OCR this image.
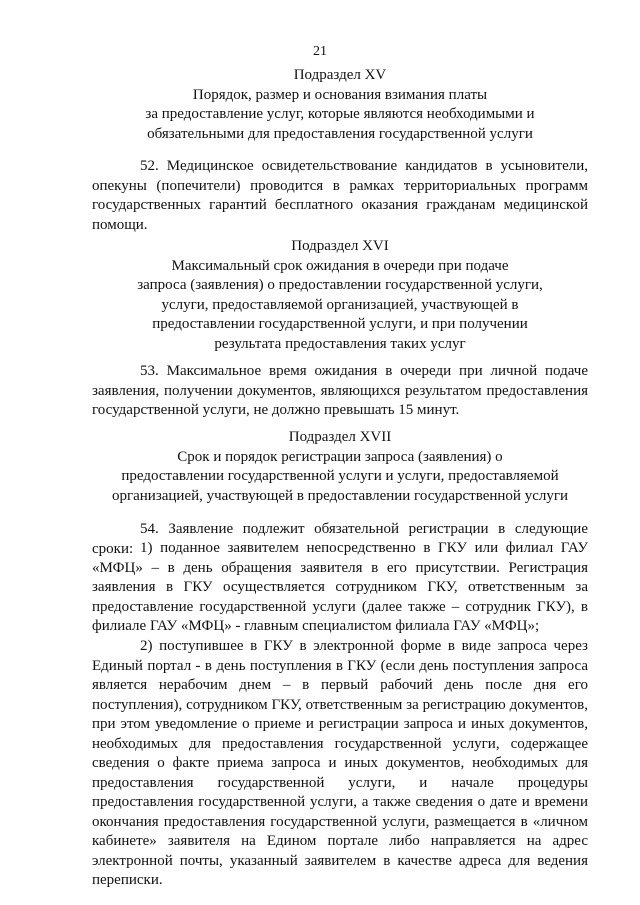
21
Подраздел XV
Порядок, размер и основания взимания платы
за предоставление услуг, которые являются необходимыми и
обязательными для предоставления государственной услуги

52. Медицинское освидетельствование кандидатов в усыновители, опекуны (попечители) проводится в рамках территориальных программ государственных гарантий бесплатного оказания гражданам медицинской помощи.

Подраздел XVI
Максимальный срок ожидания в очереди при подаче
запроса (заявления) о предоставлении государственной услуги,
услуги, предоставляемой организацией, участвующей в
предоставлении государственной услуги, и при получении
результата предоставления таких услуг

53. Максимальное время ожидания в очереди при личной подаче заявления, получении документов, являющихся результатом предоставления государственной услуги, не должно превышать 15 минут.

Подраздел XVII
Срок и порядок регистрации запроса (заявления) о
предоставлении государственной услуги и услуги, предоставляемой
организацией, участвующей в предоставлении государственной услуги

54. Заявление подлежит обязательной регистрации в следующие сроки: 1) поданное заявителем непосредственно в ГКУ или филиал ГАУ «МФЦ» – в день обращения заявителя в его присутствии. Регистрация заявления в ГКУ осуществляется сотрудником ГКУ, ответственным за предоставление государственной услуги (далее также – сотрудник ГКУ), в филиале ГАУ «МФЦ» - главным специалистом филиала ГАУ «МФЦ»;

2) поступившее в ГКУ в электронной форме в виде запроса через Единый портал - в день поступления в ГКУ (если день поступления запроса является нерабочим днем – в первый рабочий день после дня его поступления), сотрудником ГКУ, ответственным за регистрацию документов, при этом уведомление о приеме и регистрации запроса и иных документов, необходимых для предоставления государственной услуги, содержащее сведения о факте приема запроса и иных документов, необходимых для предоставления государственной услуги, и начале процедуры предоставления государственной услуги, а также сведения о дате и времени окончания предоставления государственной услуги, размещается в «личном кабинете» заявителя на Едином портале либо направляется на адрес электронной почты, указанный заявителем в качестве адреса для ведения переписки.
